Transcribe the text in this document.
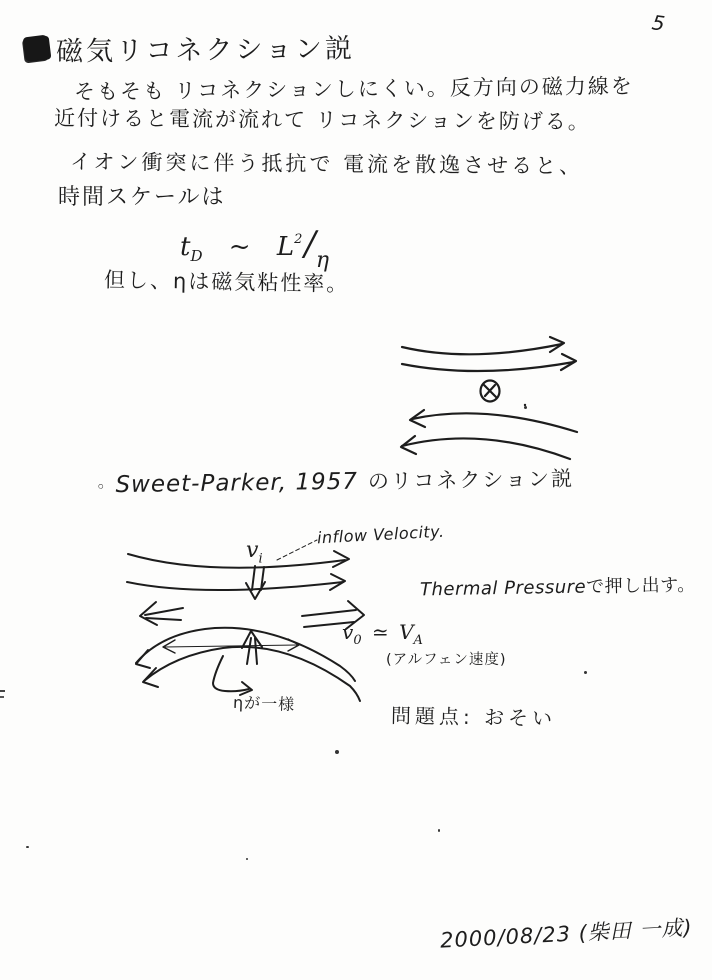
5
磁気リコネクション説
そもそも リコネクションしにくい。反方向の磁力線を
近付けると電流が流れて リコネクションを防げる。
イオン衝突に伴う抵抗で 電流を散逸させると、
時間スケールは
$t_D$ ~ $L^2/_\eta$
但し、ηは磁気粘性率。
◦ Sweet-Parker, 1957 のリコネクション説
$v_i$
inflow Velocity.
Thermal Pressureで押し出す。
$v_0$ ≃ $V_A$
(アルフェン速度)
ηが一様
問題点: おそい
2000/08/23 (柴田 一成)
